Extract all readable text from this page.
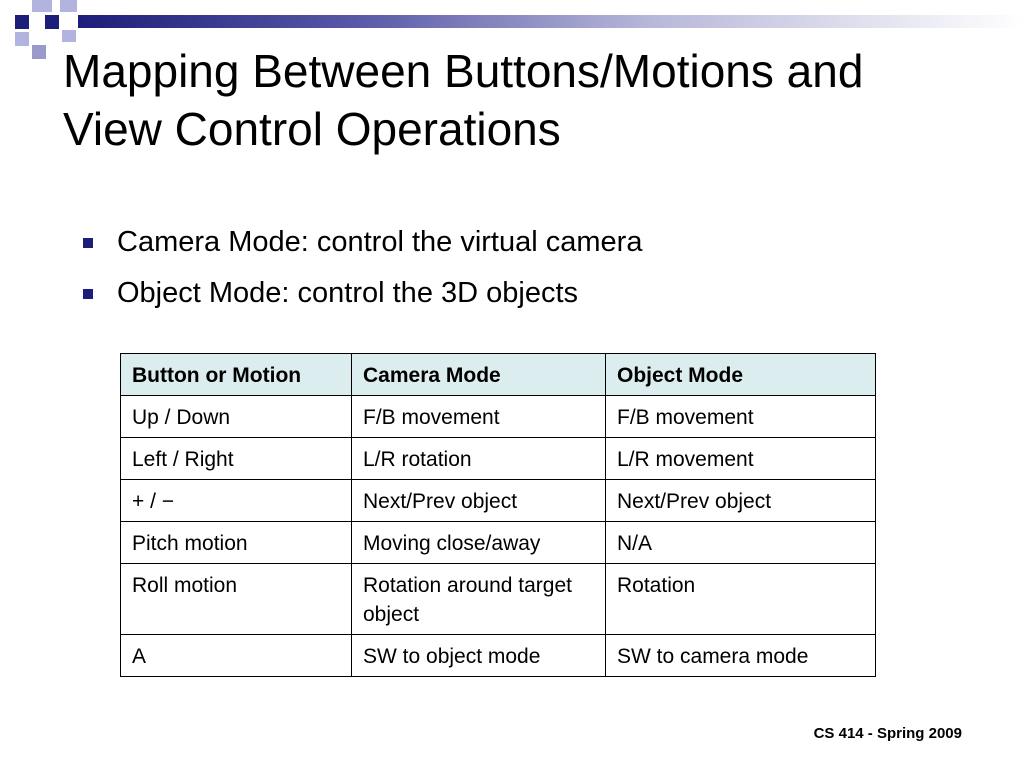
Mapping Between Buttons/Motions and
View Control Operations
Camera Mode: control the virtual camera
Object Mode: control the 3D objects
Button or Motion	Camera Mode	Object Mode
Up / Down	F/B movement	F/B movement
Left / Right	L/R rotation	L/R movement
+ / −	Next/Prev object	Next/Prev object
Pitch motion	Moving close/away	N/A
Roll motion	Rotation around target object	Rotation
A	SW to object mode	SW to camera mode
CS 414 - Spring 2009
